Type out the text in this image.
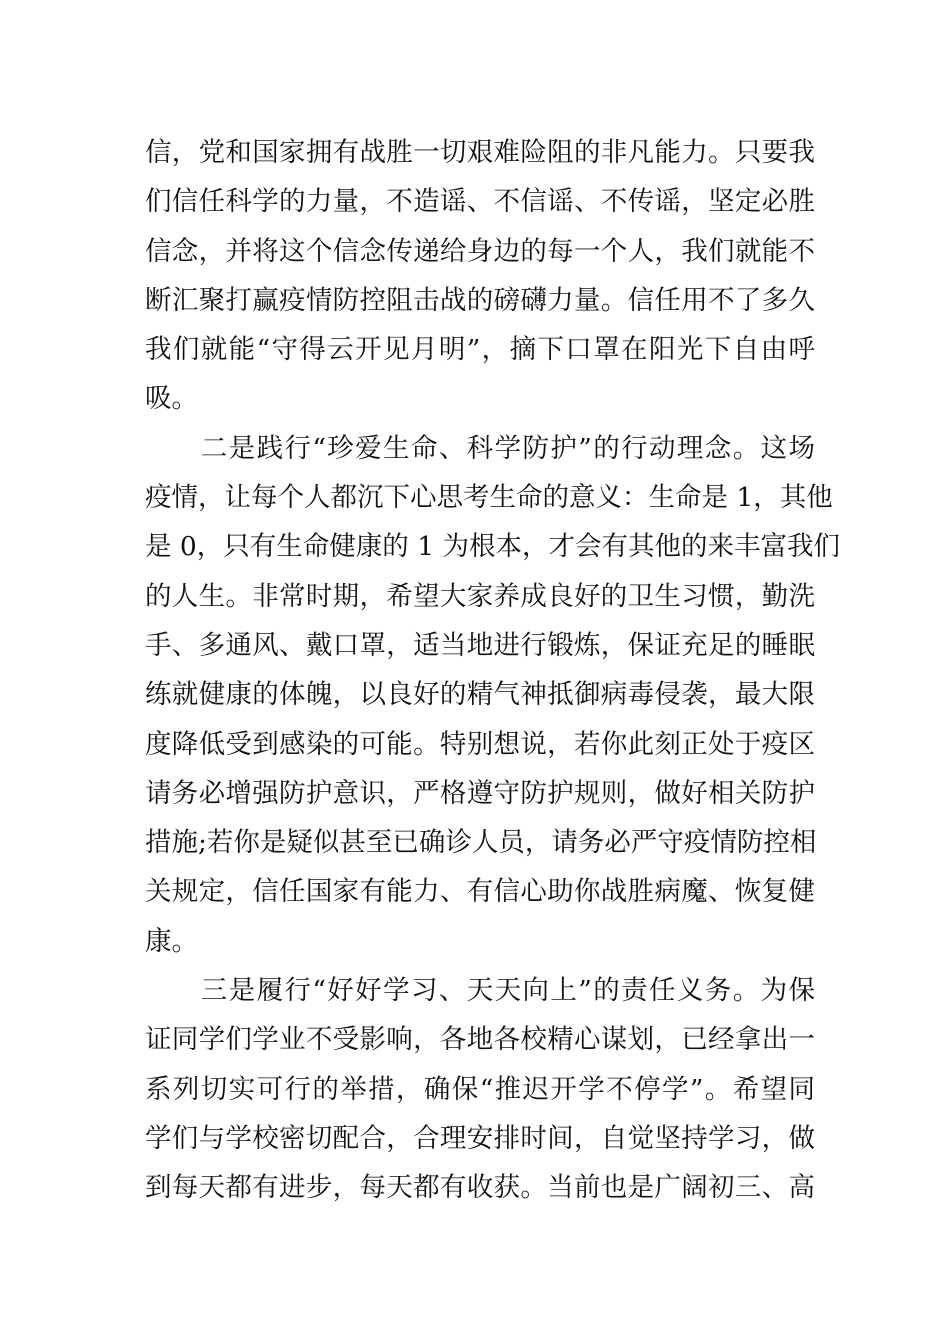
信，党和国家拥有战胜一切艰难险阻的非凡能力。只要我
们信任科学的力量，不造谣、不信谣、不传谣，坚定必胜
信念，并将这个信念传递给身边的每一个人，我们就能不
断汇聚打赢疫情防控阻击战的磅礴力量。信任用不了多久
我们就能“守得云开见月明”，摘下口罩在阳光下自由呼
吸。
　　二是践行“珍爱生命、科学防护”的行动理念。这场
疫情，让每个人都沉下心思考生命的意义：生命是 1，其他
是 0，只有生命健康的 1 为根本，才会有其他的来丰富我们
的人生。非常时期，希望大家养成良好的卫生习惯，勤洗
手、多通风、戴口罩，适当地进行锻炼，保证充足的睡眠
练就健康的体魄，以良好的精气神抵御病毒侵袭，最大限
度降低受到感染的可能。特别想说，若你此刻正处于疫区
请务必增强防护意识，严格遵守防护规则，做好相关防护
措施;若你是疑似甚至已确诊人员，请务必严守疫情防控相
关规定，信任国家有能力、有信心助你战胜病魔、恢复健
康。
　　三是履行“好好学习、天天向上”的责任义务。为保
证同学们学业不受影响，各地各校精心谋划，已经拿出一
系列切实可行的举措，确保“推迟开学不停学”。希望同
学们与学校密切配合，合理安排时间，自觉坚持学习，做
到每天都有进步，每天都有收获。当前也是广阔初三、高
